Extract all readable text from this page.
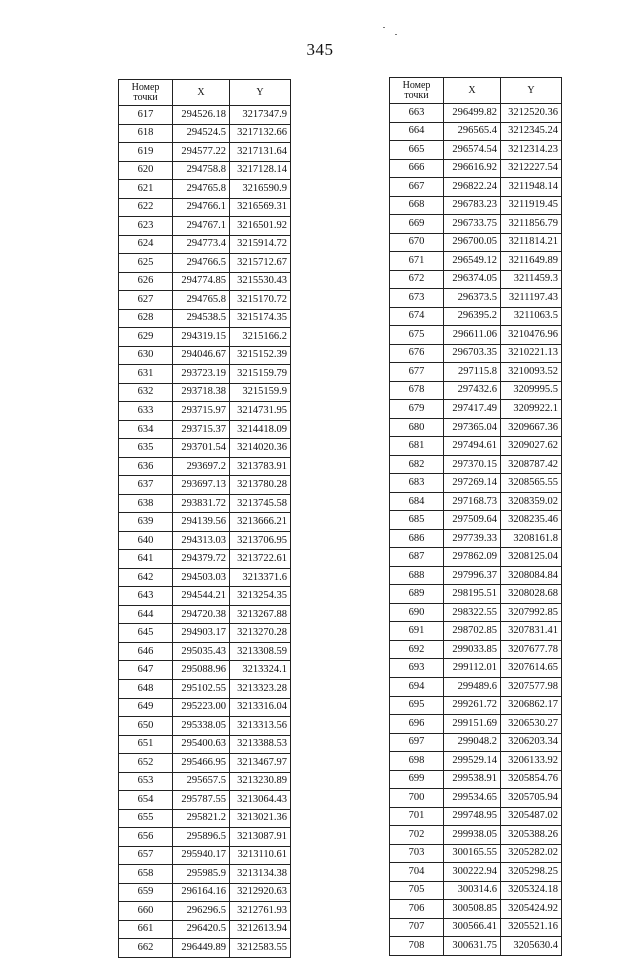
345
Номер
точки	X	Y
617	294526.18	3217347.9
618	294524.5	3217132.66
619	294577.22	3217131.64
620	294758.8	3217128.14
621	294765.8	3216590.9
622	294766.1	3216569.31
623	294767.1	3216501.92
624	294773.4	3215914.72
625	294766.5	3215712.67
626	294774.85	3215530.43
627	294765.8	3215170.72
628	294538.5	3215174.35
629	294319.15	3215166.2
630	294046.67	3215152.39
631	293723.19	3215159.79
632	293718.38	3215159.9
633	293715.97	3214731.95
634	293715.37	3214418.09
635	293701.54	3214020.36
636	293697.2	3213783.91
637	293697.13	3213780.28
638	293831.72	3213745.58
639	294139.56	3213666.21
640	294313.03	3213706.95
641	294379.72	3213722.61
642	294503.03	3213371.6
643	294544.21	3213254.35
644	294720.38	3213267.88
645	294903.17	3213270.28
646	295035.43	3213308.59
647	295088.96	3213324.1
648	295102.55	3213323.28
649	295223.00	3213316.04
650	295338.05	3213313.56
651	295400.63	3213388.53
652	295466.95	3213467.97
653	295657.5	3213230.89
654	295787.55	3213064.43
655	295821.2	3213021.36
656	295896.5	3213087.91
657	295940.17	3213110.61
658	295985.9	3213134.38
659	296164.16	3212920.63
660	296296.5	3212761.93
661	296420.5	3212613.94
662	296449.89	3212583.55
Номер
точки	X	Y
663	296499.82	3212520.36
664	296565.4	3212345.24
665	296574.54	3212314.23
666	296616.92	3212227.54
667	296822.24	3211948.14
668	296783.23	3211919.45
669	296733.75	3211856.79
670	296700.05	3211814.21
671	296549.12	3211649.89
672	296374.05	3211459.3
673	296373.5	3211197.43
674	296395.2	3211063.5
675	296611.06	3210476.96
676	296703.35	3210221.13
677	297115.8	3210093.52
678	297432.6	3209995.5
679	297417.49	3209922.1
680	297365.04	3209667.36
681	297494.61	3209027.62
682	297370.15	3208787.42
683	297269.14	3208565.55
684	297168.73	3208359.02
685	297509.64	3208235.46
686	297739.33	3208161.8
687	297862.09	3208125.04
688	297996.37	3208084.84
689	298195.51	3208028.68
690	298322.55	3207992.85
691	298702.85	3207831.41
692	299033.85	3207677.78
693	299112.01	3207614.65
694	299489.6	3207577.98
695	299261.72	3206862.17
696	299151.69	3206530.27
697	299048.2	3206203.34
698	299529.14	3206133.92
699	299538.91	3205854.76
700	299534.65	3205705.94
701	299748.95	3205487.02
702	299938.05	3205388.26
703	300165.55	3205282.02
704	300222.94	3205298.25
705	300314.6	3205324.18
706	300508.85	3205424.92
707	300566.41	3205521.16
708	300631.75	3205630.4
